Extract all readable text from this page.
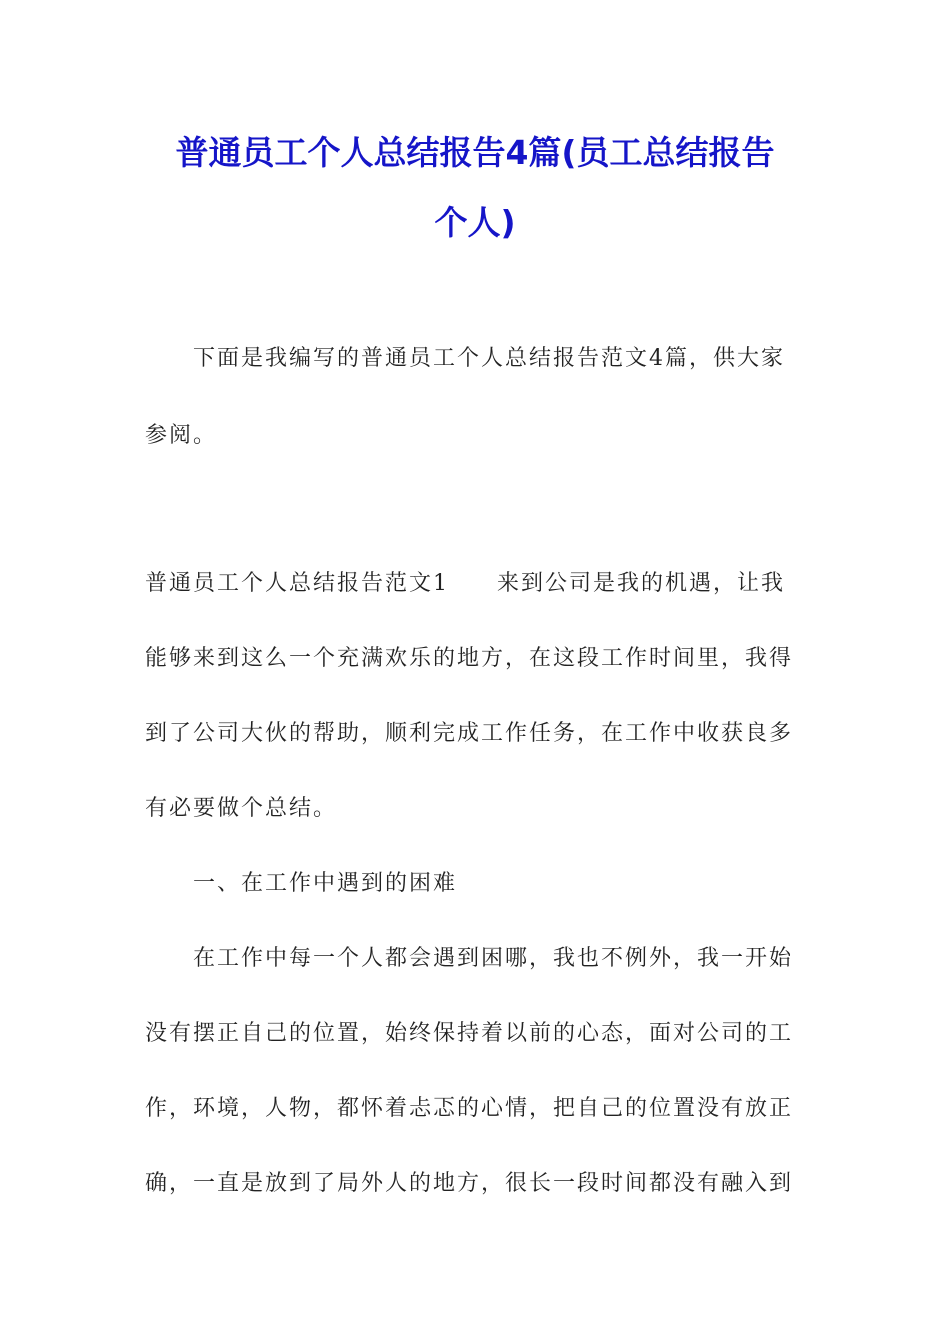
普通员工个人总结报告4篇(员工总结报告
个人)
下面是我编写的普通员工个人总结报告范文4篇，供大家
参阅。
普通员工个人总结报告范文1 来到公司是我的机遇，让我
能够来到这么一个充满欢乐的地方，在这段工作时间里，我得
到了公司大伙的帮助，顺利完成工作任务，在工作中收获良多
有必要做个总结。
一、在工作中遇到的困难
在工作中每一个人都会遇到困哪，我也不例外，我一开始
没有摆正自己的位置，始终保持着以前的心态，面对公司的工
作，环境，人物，都怀着忐忑的心情，把自己的位置没有放正
确，一直是放到了局外人的地方，很长一段时间都没有融入到
